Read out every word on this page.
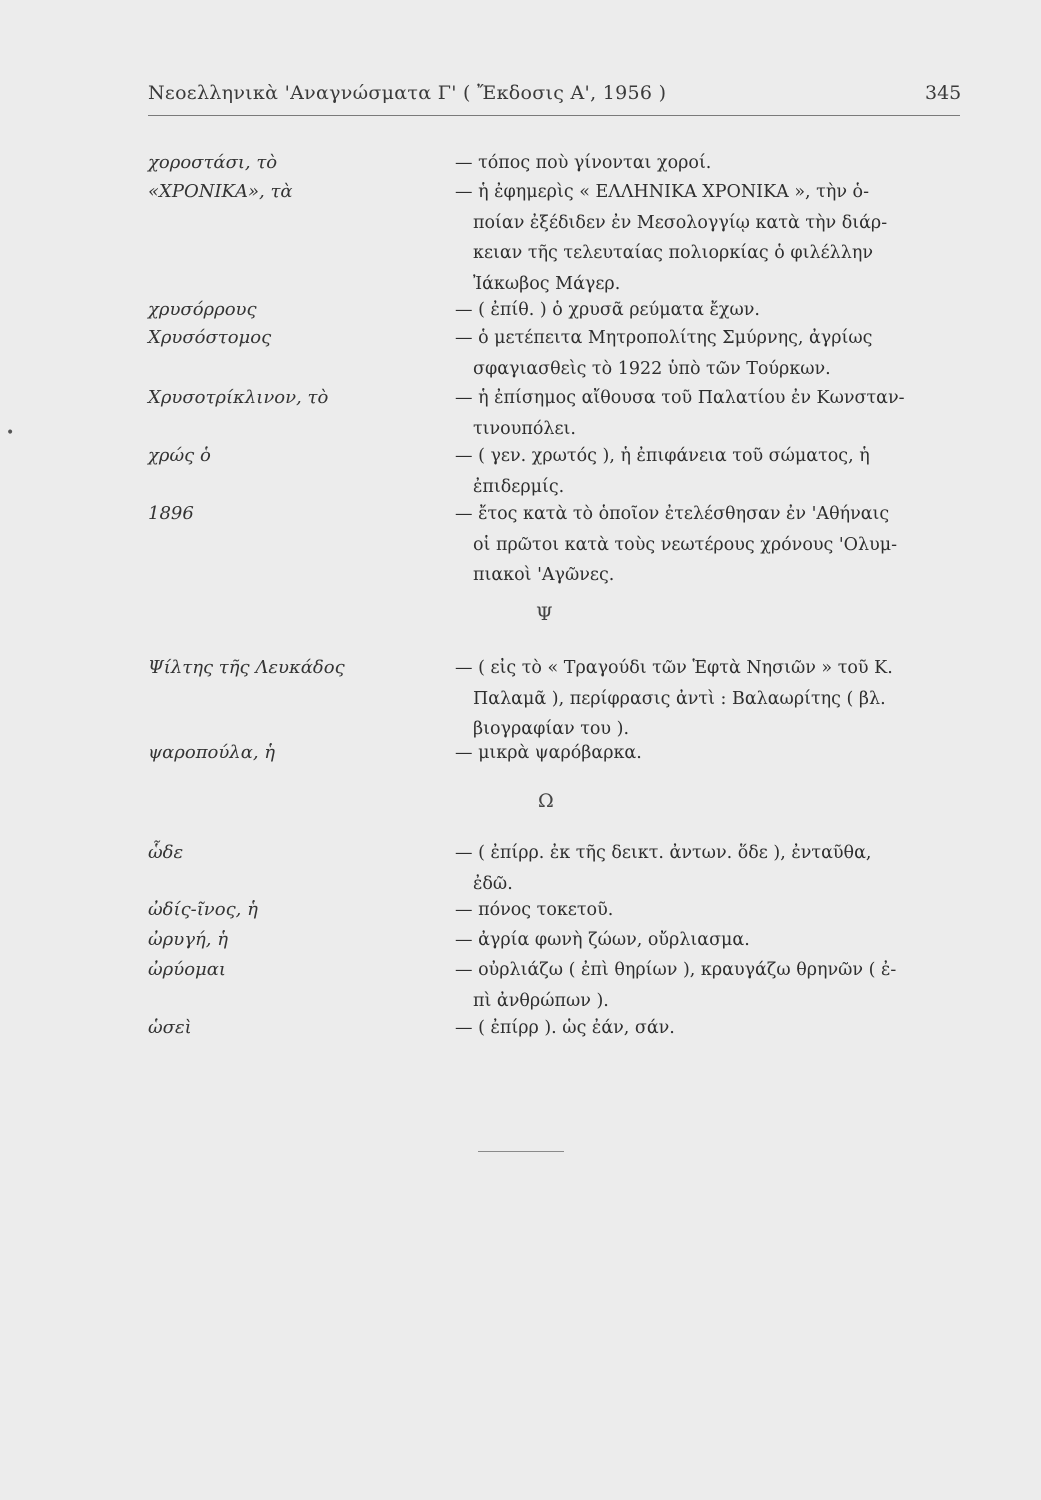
Νεοελληνικὰ 'Αναγνώσματα Γ' ( Ἔκδοσις Α', 1956 )	345
•
χοροστάσι, τὸ	— τόπος ποὺ γίνονται χοροί.
«ΧΡΟΝΙΚΑ», τὰ	— ἡ ἐφημερὶς « ΕΛΛΗΝΙΚΑ ΧΡΟΝΙΚΑ », τὴν ὁ-
ποίαν ἐξέδιδεν ἐν Μεσολογγίῳ κατὰ τὴν διάρ-
κειαν τῆς τελευταίας πολιορκίας ὁ φιλέλλην
Ἰάκωβος Μάγερ.
χρυσόρρους	— ( ἐπίθ. ) ὁ χρυσᾶ ρεύματα ἔχων.
Χρυσόστομος	— ὁ μετέπειτα Μητροπολίτης Σμύρνης, ἀγρίως
σφαγιασθεὶς τὸ 1922 ὑπὸ τῶν Τούρκων.
Χρυσοτρίκλινον, τὸ	— ἡ ἐπίσημος αἴθουσα τοῦ Παλατίου ἐν Κωνσταν-
τινουπόλει.
χρώς ὁ	— ( γεν. χρωτός ), ἡ ἐπιφάνεια τοῦ σώματος, ἡ
ἐπιδερμίς.
1896	— ἔτος κατὰ τὸ ὁποῖον ἐτελέσθησαν ἐν 'Αθήναις
οἱ πρῶτοι κατὰ τοὺς νεωτέρους χρόνους 'Ολυμ-
πιακοὶ 'Αγῶνες.
Ψ
Ψίλτης τῆς Λευκάδος	— ( εἰς τὸ « Τραγούδι τῶν Ἑφτὰ Νησιῶν » τοῦ Κ.
Παλαμᾶ ), περίφρασις ἀντὶ : Βαλαωρίτης ( βλ.
βιογραφίαν του ).
ψαροπούλα, ἡ	— μικρὰ ψαρόβαρκα.
Ω
ὧδε	— ( ἐπίρρ. ἐκ τῆς δεικτ. ἀντων. ὅδε ), ἐνταῦθα,
ἐδῶ.
ὠδίς-ῖνος, ἡ	— πόνος τοκετοῦ.
ὠρυγή, ἡ	— ἀγρία φωνὴ ζώων, οὔρλιασμα.
ὠρύομαι	— οὐρλιάζω ( ἐπὶ θηρίων ), κραυγάζω θρηνῶν ( ἐ-
πὶ ἀνθρώπων ).
ὡσεὶ	— ( ἐπίρρ ). ὡς ἐάν, σάν.
